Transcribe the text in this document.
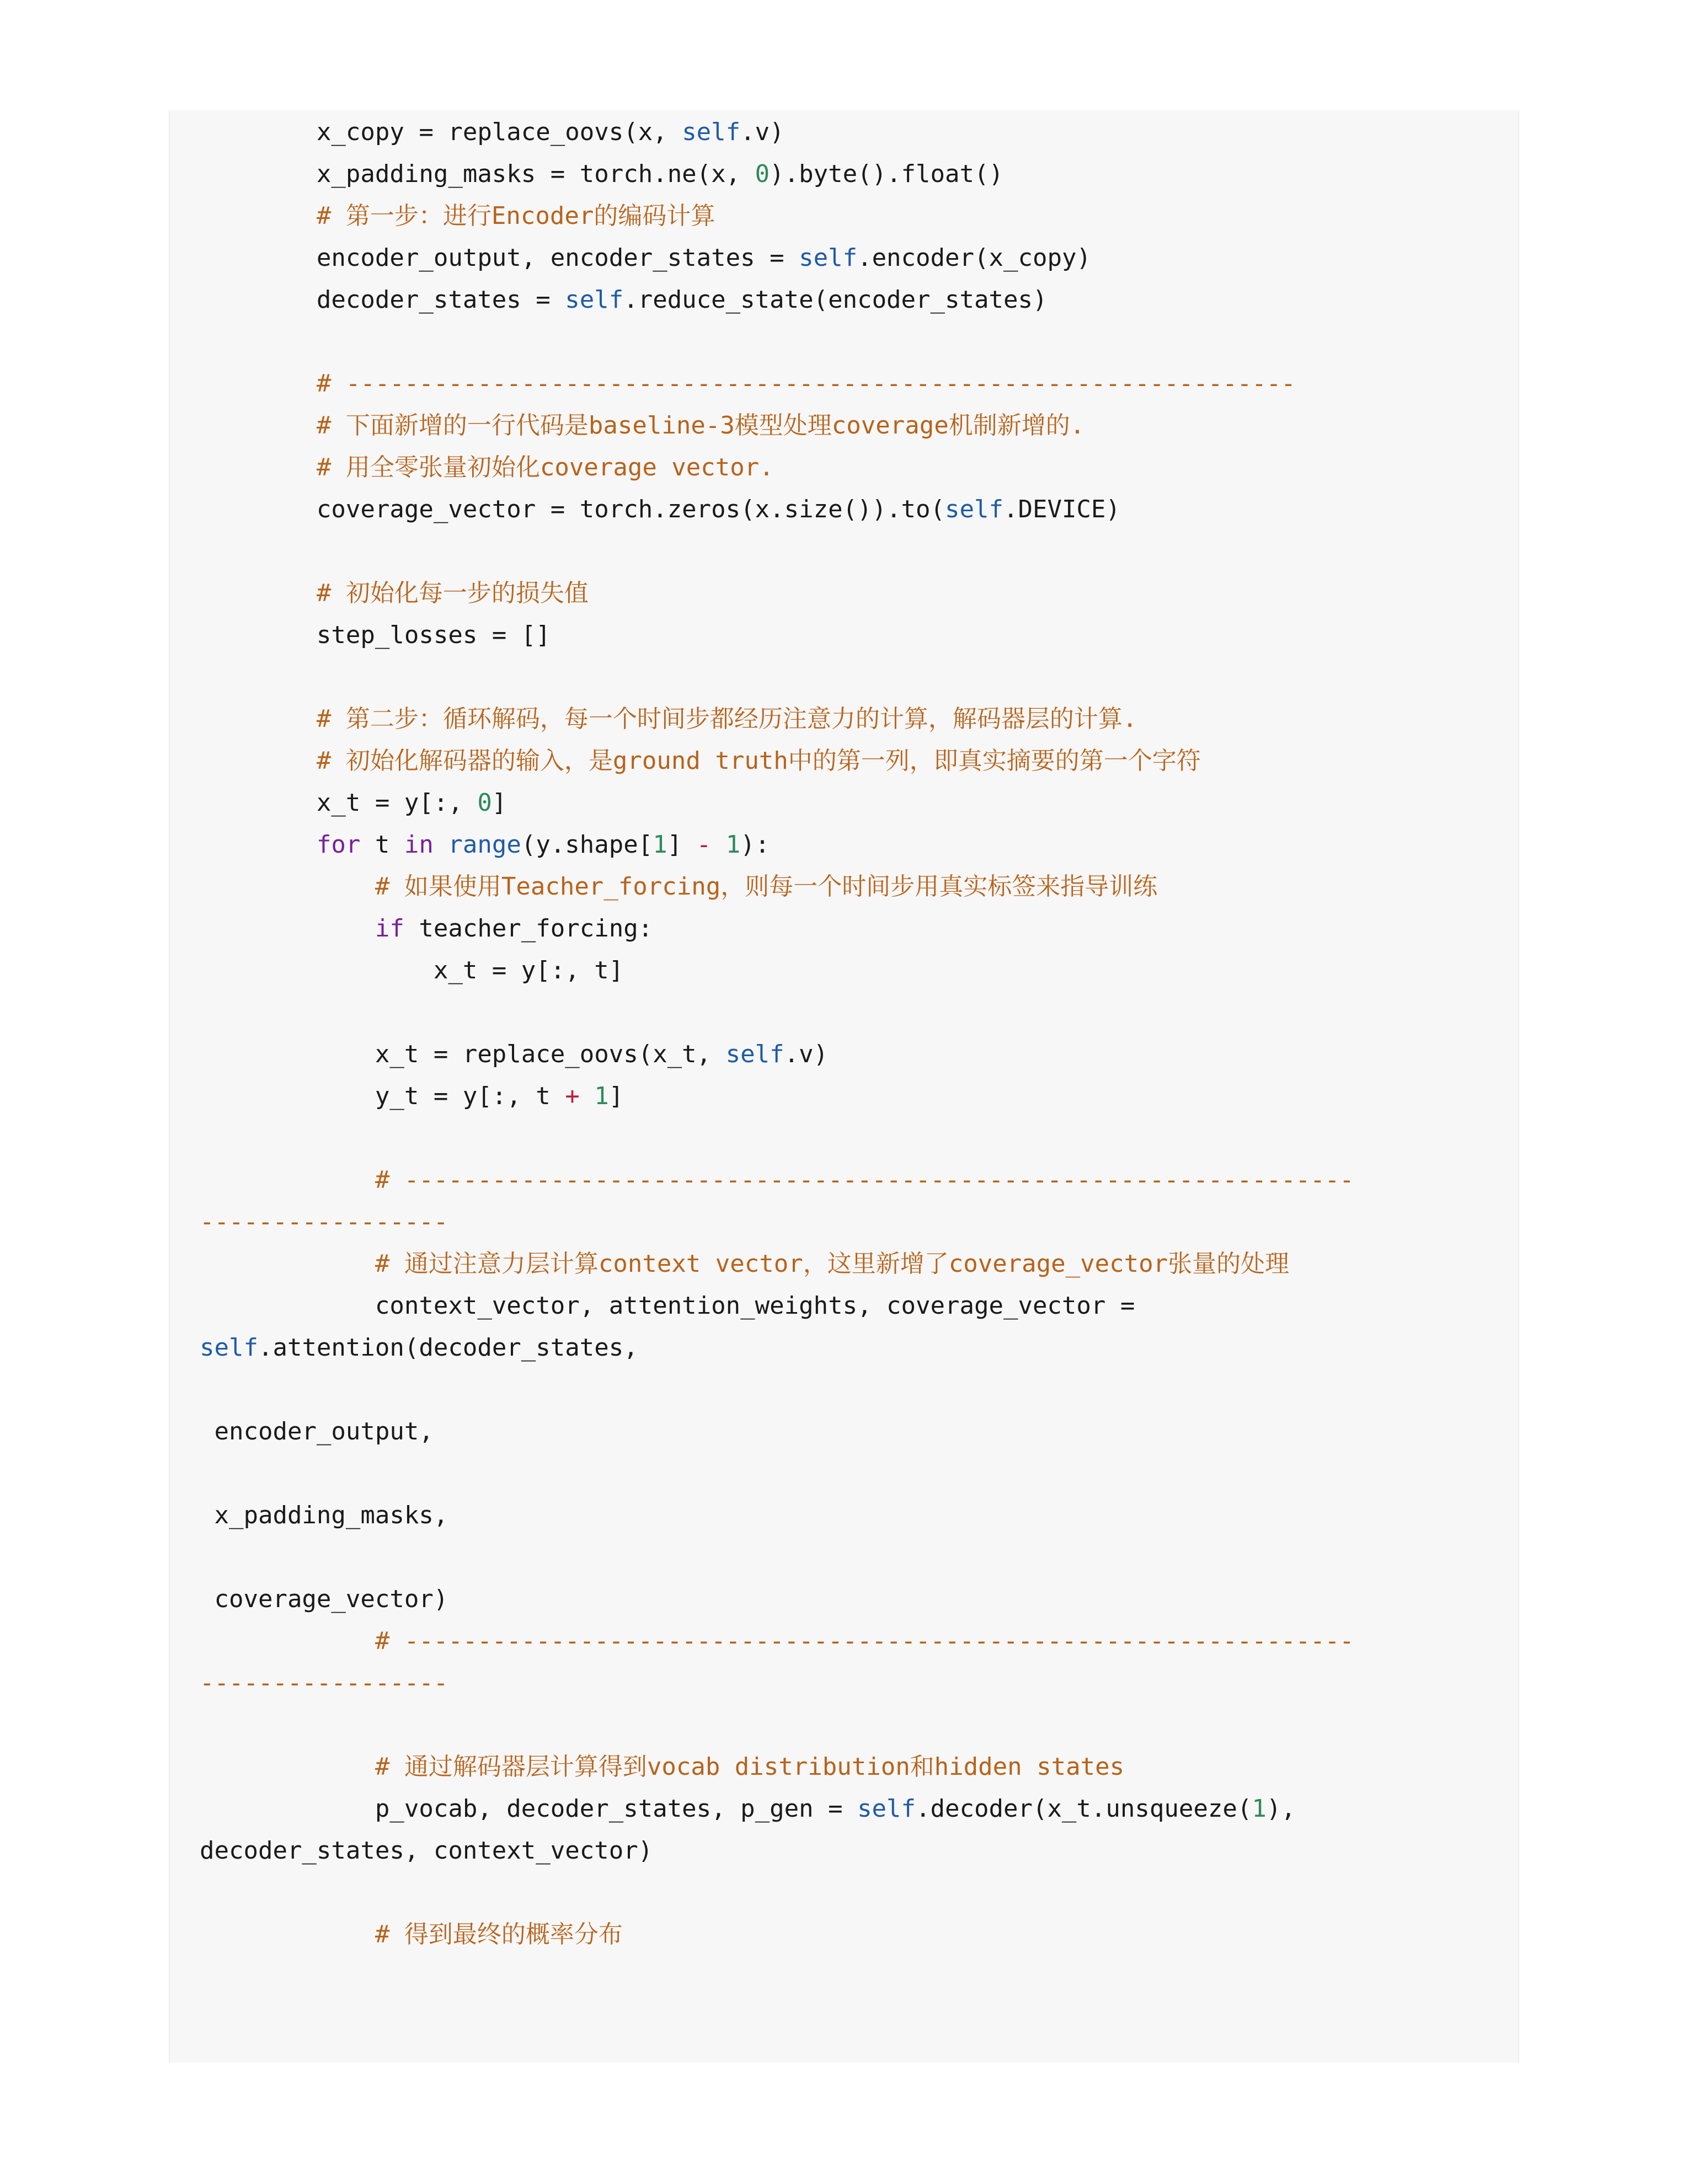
x_copy = replace_oovs(x, self.v)
x_padding_masks = torch.ne(x, 0).byte().float()
# 第一步：进行Encoder的编码计算
encoder_output, encoder_states = self.encoder(x_copy)
decoder_states = self.reduce_state(encoder_states)
# -----------------------------------------------------------------
# 下面新增的一行代码是baseline-3模型处理coverage机制新增的.
# 用全零张量初始化coverage vector.
coverage_vector = torch.zeros(x.size()).to(self.DEVICE)
# 初始化每一步的损失值
step_losses = []
# 第二步：循环解码，每一个时间步都经历注意力的计算，解码器层的计算.
# 初始化解码器的输入，是ground truth中的第一列，即真实摘要的第一个字符
x_t = y[:, 0]
for t in range(y.shape[1] - 1):
# 如果使用Teacher_forcing，则每一个时间步用真实标签来指导训练
if teacher_forcing:
x_t = y[:, t]
x_t = replace_oovs(x_t, self.v)
y_t = y[:, t + 1]
# -----------------------------------------------------------------
-----------------
# 通过注意力层计算context vector，这里新增了coverage_vector张量的处理
context_vector, attention_weights, coverage_vector =
self.attention(decoder_states,
encoder_output,
x_padding_masks,
coverage_vector)
# -----------------------------------------------------------------
-----------------
# 通过解码器层计算得到vocab distribution和hidden states
p_vocab, decoder_states, p_gen = self.decoder(x_t.unsqueeze(1),
decoder_states, context_vector)
# 得到最终的概率分布
